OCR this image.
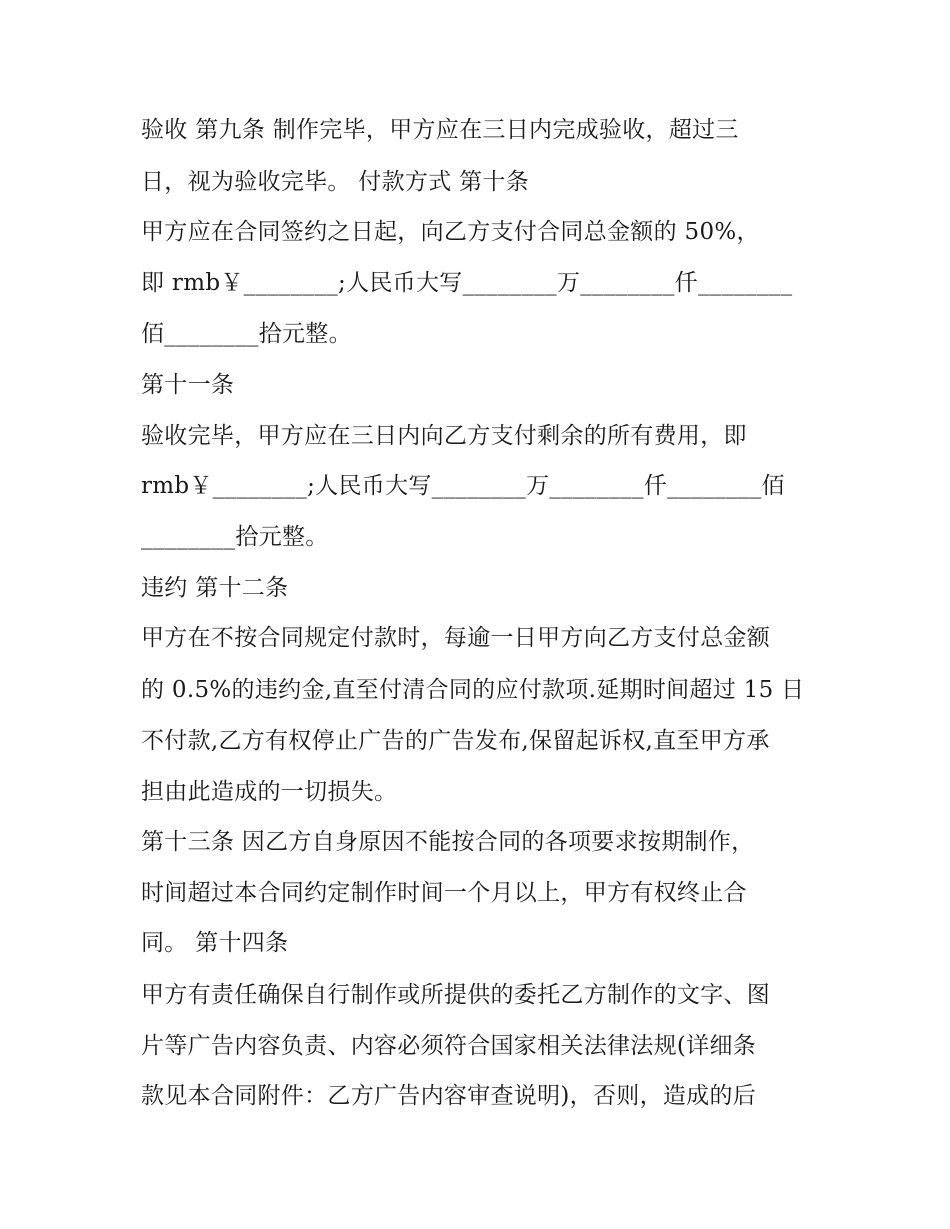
验收 第九条 制作完毕，甲方应在三日内完成验收，超过三
日，视为验收完毕。 付款方式 第十条
甲方应在合同签约之日起，向乙方支付合同总金额的 50%，
即 rmb￥________;人民币大写________万________仟________
佰________拾元整。
第十一条
验收完毕，甲方应在三日内向乙方支付剩余的所有费用，即
rmb￥________;人民币大写________万________仟________佰
________拾元整。
违约 第十二条
甲方在不按合同规定付款时，每逾一日甲方向乙方支付总金额
的 0.5%的违约金,直至付清合同的应付款项.延期时间超过 15 日
不付款,乙方有权停止广告的广告发布,保留起诉权,直至甲方承
担由此造成的一切损失。
第十三条 因乙方自身原因不能按合同的各项要求按期制作，
时间超过本合同约定制作时间一个月以上，甲方有权终止合
同。 第十四条
甲方有责任确保自行制作或所提供的委托乙方制作的文字、图
片等广告内容负责、内容必须符合国家相关法律法规(详细条
款见本合同附件：乙方广告内容审查说明)，否则，造成的后
